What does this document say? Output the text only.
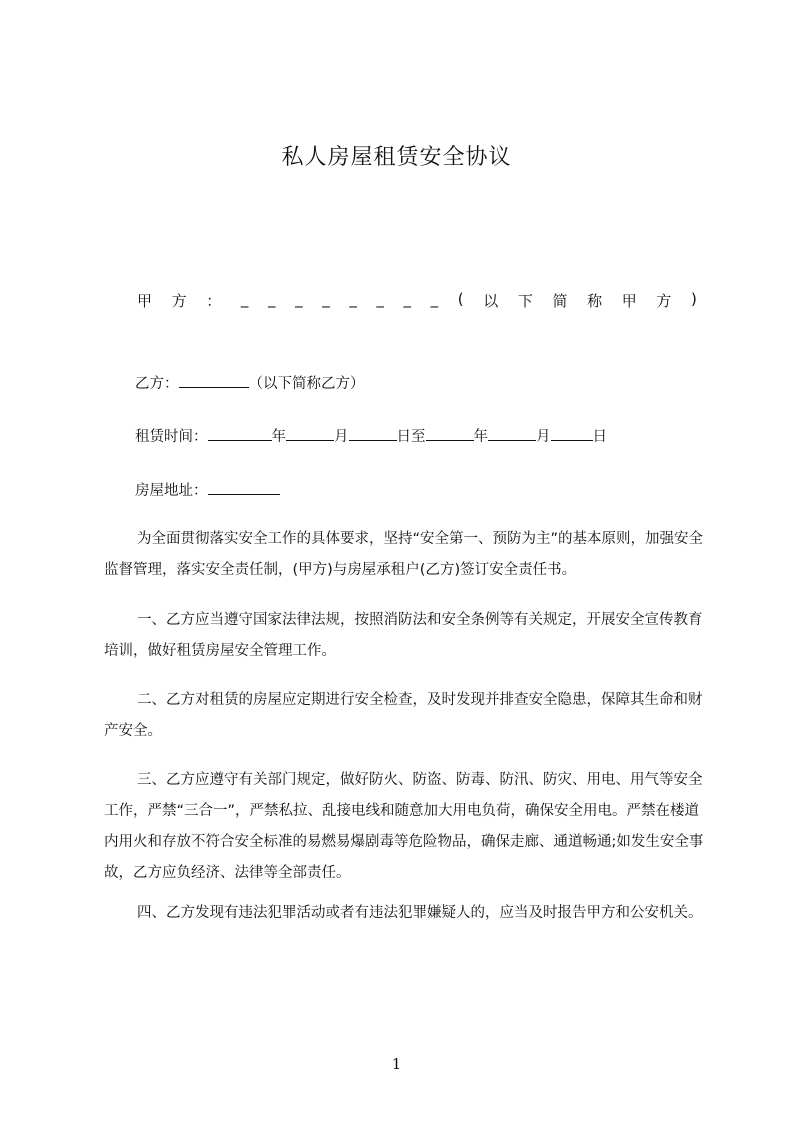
私人房屋租赁安全协议
甲 方 ： _ _ _ _ _ _ _ _ ( 以 下 简 称 甲 方 )
乙方：	（以下简称乙方）
租赁时间：	年	月	日至	年	月	日
房屋地址：
为全面贯彻落实安全工作的具体要求，坚持“安全第一、预防为主”的基本原则，加强安全监督管理，落实安全责任制，(甲方)与房屋承租户(乙方)签订安全责任书。
一、乙方应当遵守国家法律法规，按照消防法和安全条例等有关规定，开展安全宣传教育培训，做好租赁房屋安全管理工作。
二、乙方对租赁的房屋应定期进行安全检查，及时发现并排查安全隐患，保障其生命和财产安全。
三、乙方应遵守有关部门规定，做好防火、防盗、防毒、防汛、防灾、用电、用气等安全工作，严禁“三合一”，严禁私拉、乱接电线和随意加大用电负荷，确保安全用电。严禁在楼道内用火和存放不符合安全标准的易燃易爆剧毒等危险物品，确保走廊、通道畅通;如发生安全事故，乙方应负经济、法律等全部责任。
四、乙方发现有违法犯罪活动或者有违法犯罪嫌疑人的，应当及时报告甲方和公安机关。
1
